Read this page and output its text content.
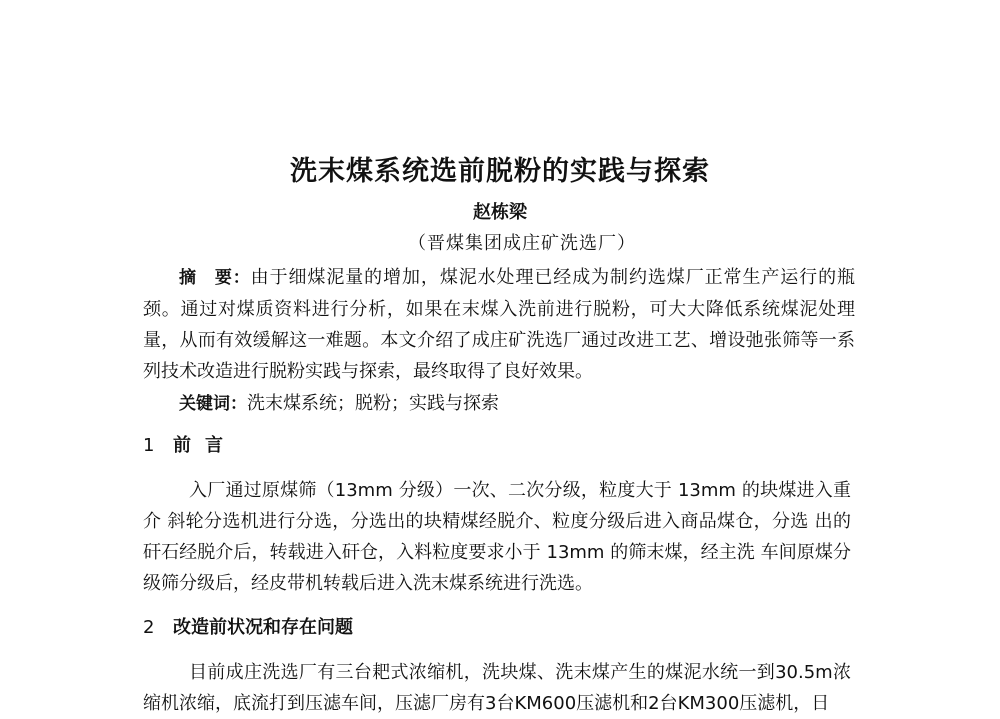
洗末煤系统选前脱粉的实践与探索
赵栋梁
（晋煤集团成庄矿洗选厂）

摘　要：由于细煤泥量的增加，煤泥水处理已经成为制约选煤厂正常生产运行的瓶颈。通过对煤质资料进行分析，如果在末煤入洗前进行脱粉，可大大降低系统煤泥处理量，从而有效缓解这一难题。本文介绍了成庄矿洗选厂通过改进工艺、增设弛张筛等一系列技术改造进行脱粉实践与探索，最终取得了良好效果。

关键词：洗末煤系统；脱粉；实践与探索
1 前言

入厂通过原煤筛（13mm 分级）一次、二次分级，粒度大于 13mm 的块煤进入重介 斜轮分选机进行分选，分选出的块精煤经脱介、粒度分级后进入商品煤仓，分选 出的矸石经脱介后，转载进入矸仓，入料粒度要求小于 13mm 的筛末煤，经主洗 车间原煤分级筛分级后，经皮带机转载后进入洗末煤系统进行洗选。

2 改造前状况和存在问题

目前成庄洗选厂有三台耙式浓缩机，洗块煤、洗末煤产生的煤泥水统一到30.5m浓缩机浓缩，底流打到压滤车间，压滤厂房有3台KM600压滤机和2台KM300压滤机，日
